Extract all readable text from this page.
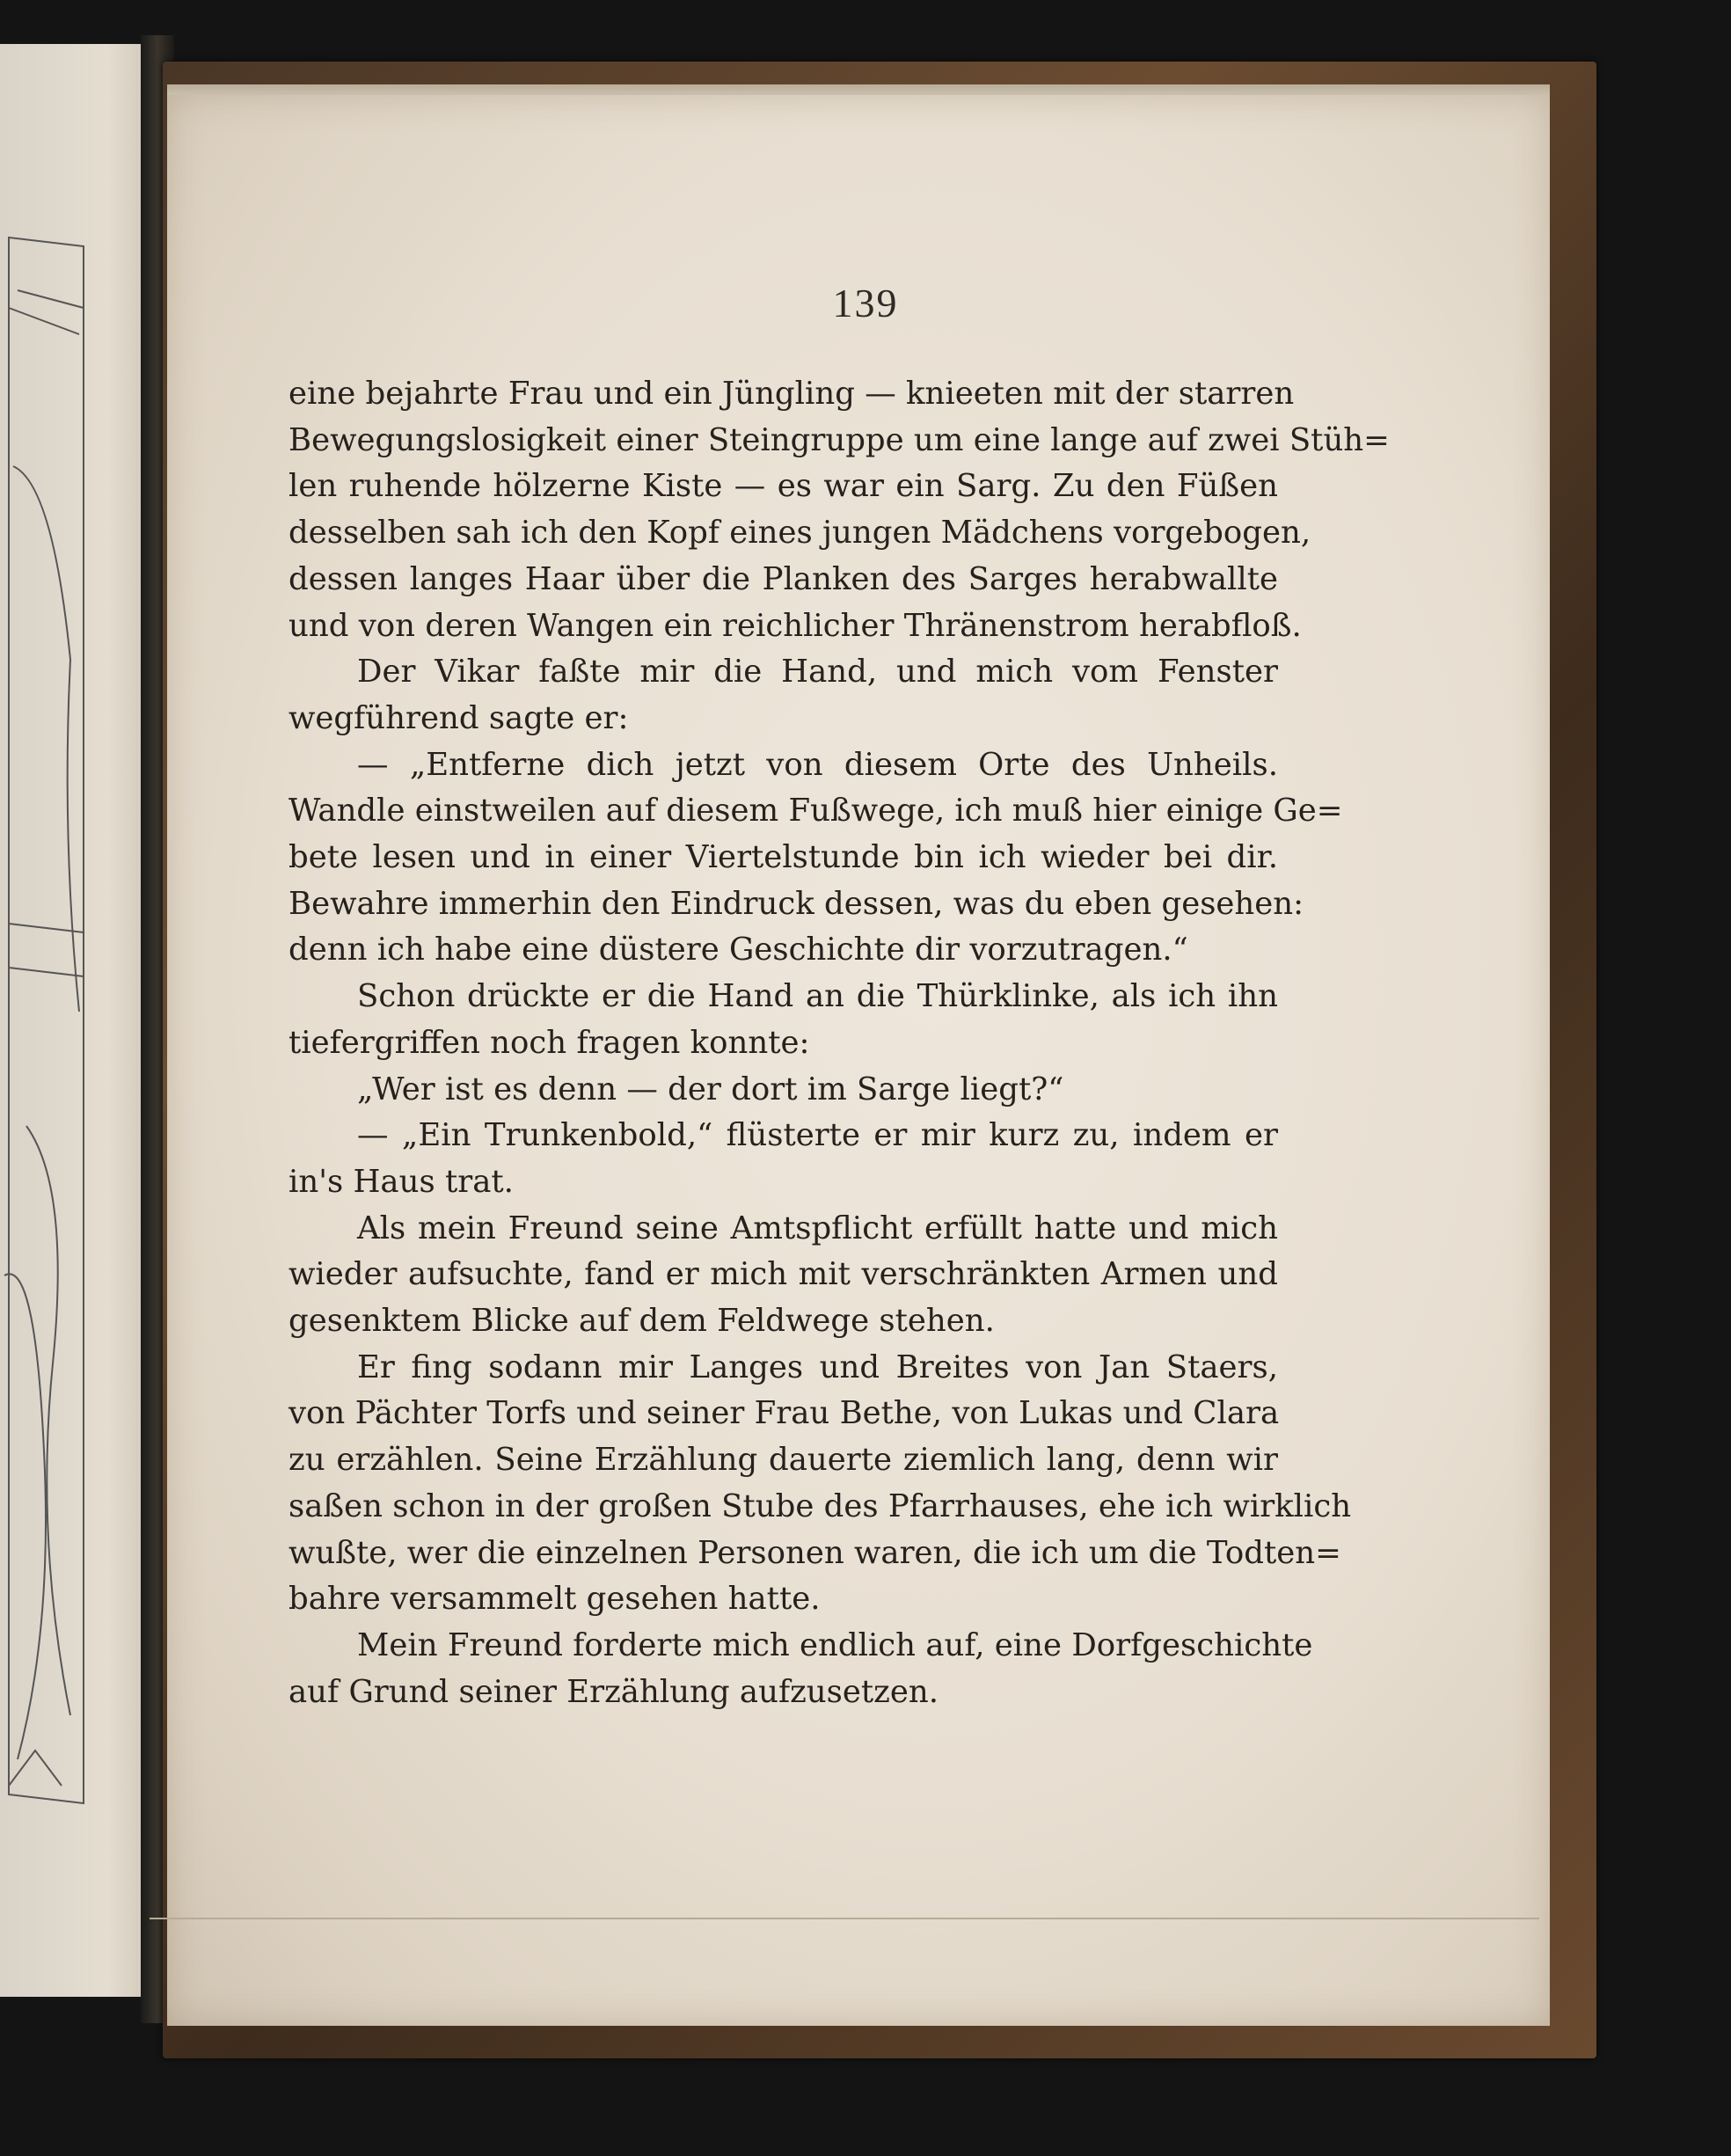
139
eine bejahrte Frau und ein Jüngling — knieeten mit der starren
Bewegungslosigkeit einer Steingruppe um eine lange auf zwei Stüh=
len ruhende hölzerne Kiste — es war ein Sarg. Zu den Füßen
desselben sah ich den Kopf eines jungen Mädchens vorgebogen,
dessen langes Haar über die Planken des Sarges herabwallte
und von deren Wangen ein reichlicher Thränenstrom herabfloß.
Der Vikar faßte mir die Hand, und mich vom Fenster
wegführend sagte er:
— „Entferne dich jetzt von diesem Orte des Unheils.
Wandle einstweilen auf diesem Fußwege, ich muß hier einige Ge=
bete lesen und in einer Viertelstunde bin ich wieder bei dir.
Bewahre immerhin den Eindruck dessen, was du eben gesehen:
denn ich habe eine düstere Geschichte dir vorzutragen.“
Schon drückte er die Hand an die Thürklinke, als ich ihn
tiefergriffen noch fragen konnte:
„Wer ist es denn — der dort im Sarge liegt?“
— „Ein Trunkenbold,“ flüsterte er mir kurz zu, indem er
in's Haus trat.
Als mein Freund seine Amtspflicht erfüllt hatte und mich
wieder aufsuchte, fand er mich mit verschränkten Armen und
gesenktem Blicke auf dem Feldwege stehen.
Er fing sodann mir Langes und Breites von Jan Staers,
von Pächter Torfs und seiner Frau Bethe, von Lukas und Clara
zu erzählen. Seine Erzählung dauerte ziemlich lang, denn wir
saßen schon in der großen Stube des Pfarrhauses, ehe ich wirklich
wußte, wer die einzelnen Personen waren, die ich um die Todten=
bahre versammelt gesehen hatte.
Mein Freund forderte mich endlich auf, eine Dorfgeschichte
auf Grund seiner Erzählung aufzusetzen.
